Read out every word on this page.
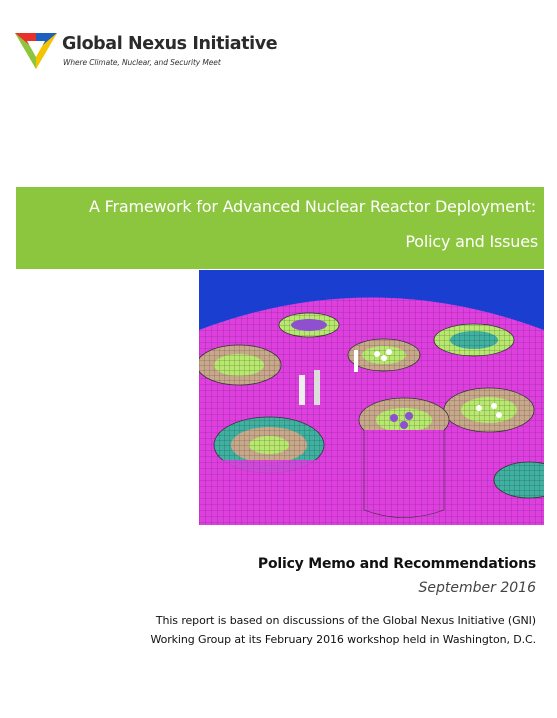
Global Nexus Initiative
Where Climate, Nuclear, and Security Meet
A Framework for Advanced Nuclear Reactor Deployment:
Policy and Issues
Policy Memo and Recommendations
September 2016
This report is based on discussions of the Global Nexus Initiative (GNI)
Working Group at its February 2016 workshop held in Washington, D.C.
